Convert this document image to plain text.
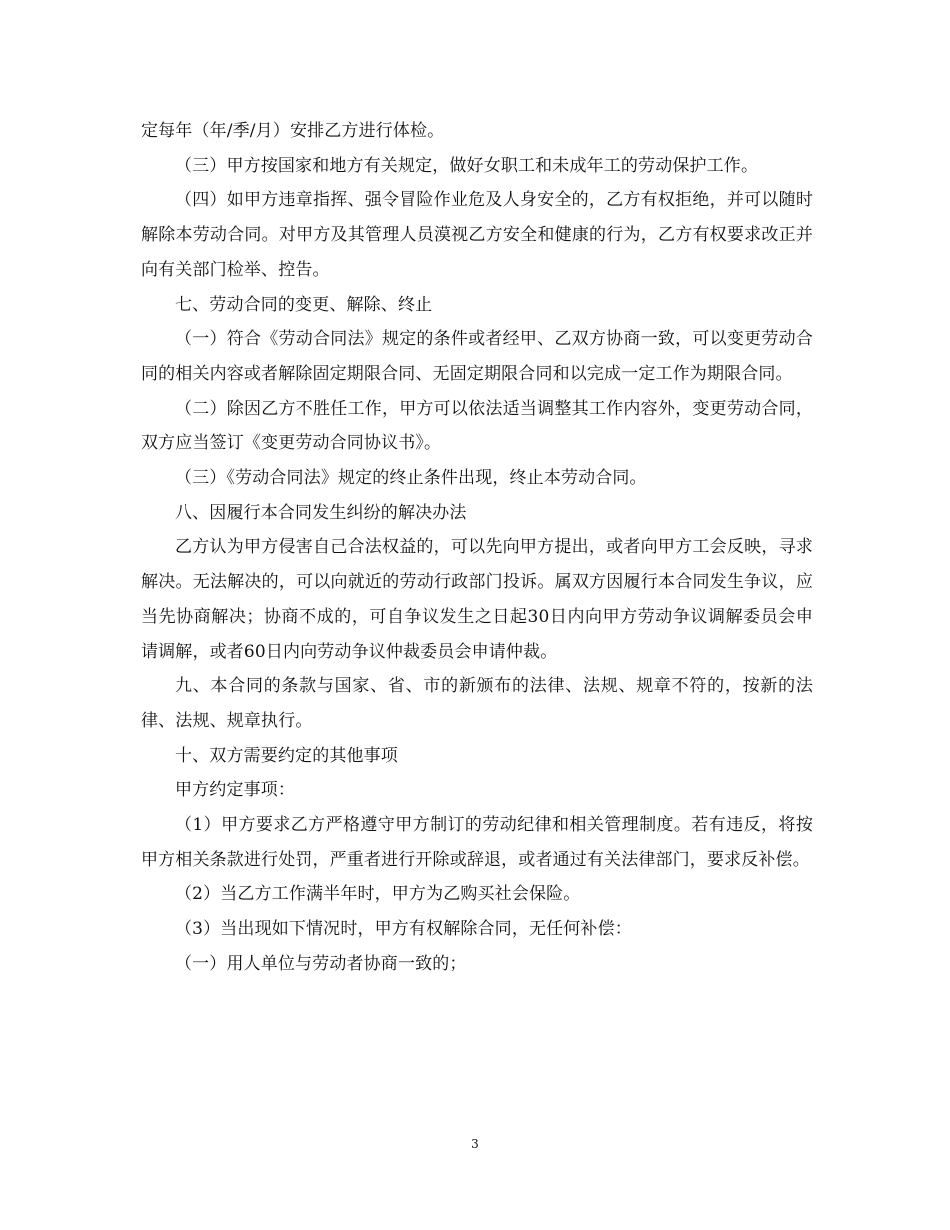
定每年（年/季/月）安排乙方进行体检。

（三）甲方按国家和地方有关规定，做好女职工和未成年工的劳动保护工作。

（四）如甲方违章指挥、强令冒险作业危及人身安全的，乙方有权拒绝，并可以随时解除本劳动合同。对甲方及其管理人员漠视乙方安全和健康的行为，乙方有权要求改正并向有关部门检举、控告。

七、劳动合同的变更、解除、终止

（一）符合《劳动合同法》规定的条件或者经甲、乙双方协商一致，可以变更劳动合同的相关内容或者解除固定期限合同、无固定期限合同和以完成一定工作为期限合同。

（二）除因乙方不胜任工作，甲方可以依法适当调整其工作内容外，变更劳动合同，双方应当签订《变更劳动合同协议书》。

（三）《劳动合同法》规定的终止条件出现，终止本劳动合同。

八、因履行本合同发生纠纷的解决办法

乙方认为甲方侵害自己合法权益的，可以先向甲方提出，或者向甲方工会反映，寻求解决。无法解决的，可以向就近的劳动行政部门投诉。属双方因履行本合同发生争议，应当先协商解决；协商不成的，可自争议发生之日起30日内向甲方劳动争议调解委员会申请调解，或者60日内向劳动争议仲裁委员会申请仲裁。

九、本合同的条款与国家、省、市的新颁布的法律、法规、规章不符的，按新的法律、法规、规章执行。

十、双方需要约定的其他事项

甲方约定事项：

（1）甲方要求乙方严格遵守甲方制订的劳动纪律和相关管理制度。若有违反，将按甲方相关条款进行处罚，严重者进行开除或辞退，或者通过有关法律部门，要求反补偿。

（2）当乙方工作满半年时，甲方为乙购买社会保险。

（3）当出现如下情况时，甲方有权解除合同，无任何补偿：

（一）用人单位与劳动者协商一致的；

3
